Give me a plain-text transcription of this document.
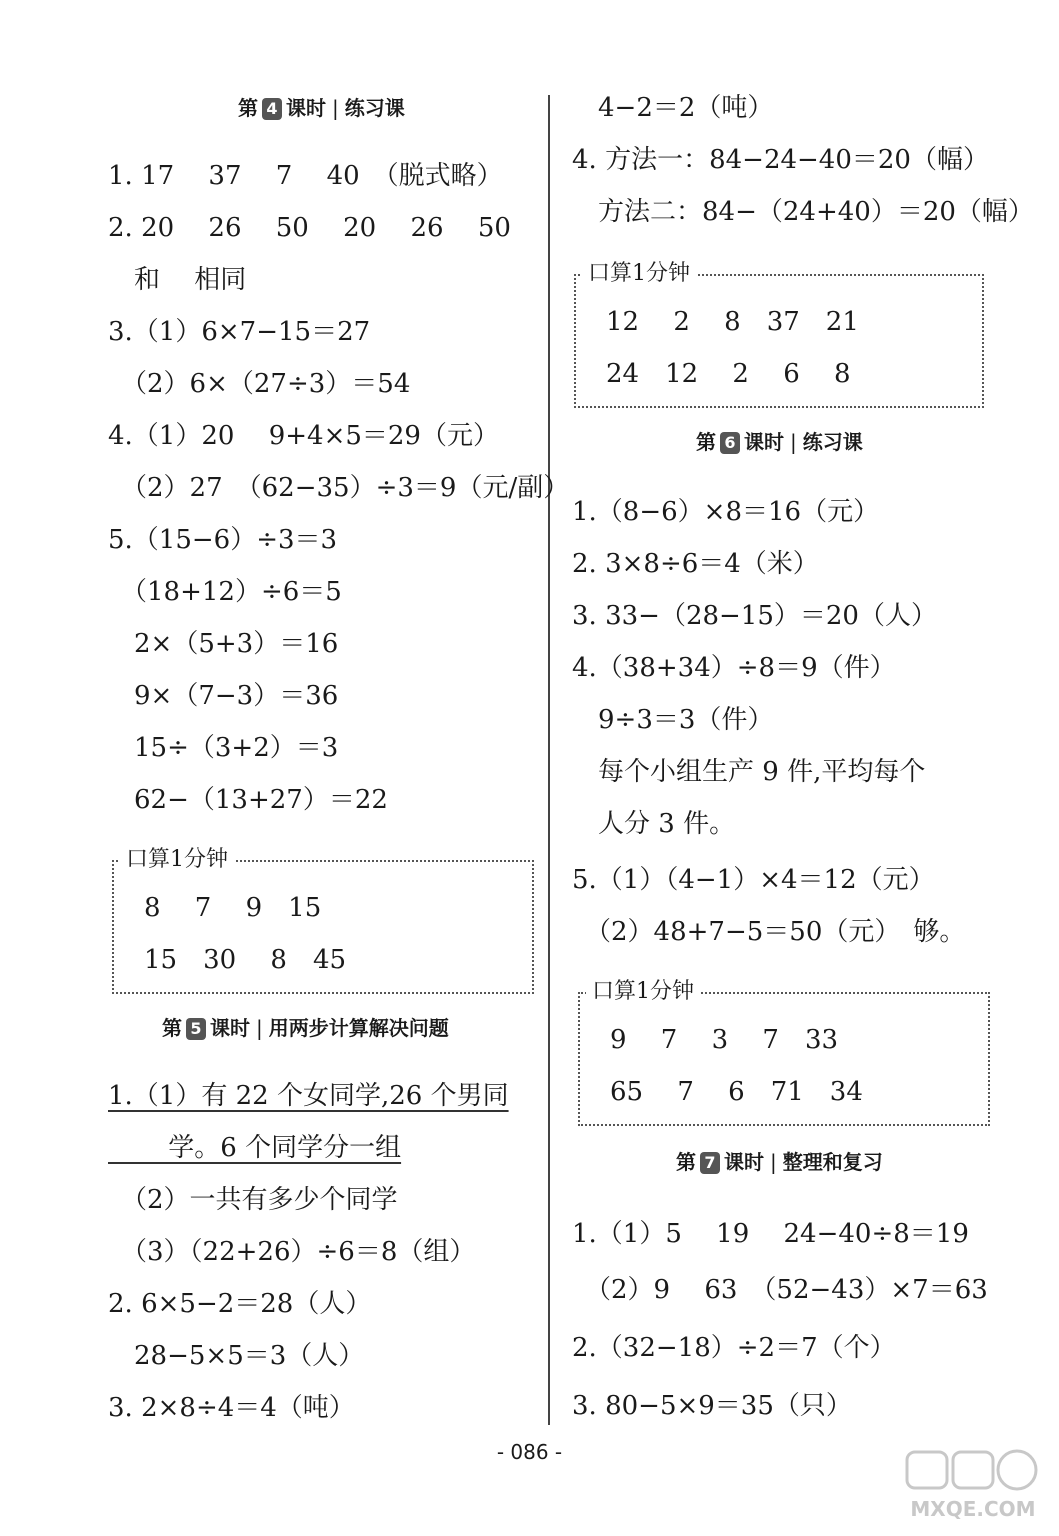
第 4 课时 | 练习课
1. 17　 37　 7　 40　（脱式略）
2. 20　 26　 50　 20　 26　 50
　和　 相同
3.（1）6×7−15＝27
　（2）6×（27÷3）＝54
4.（1）20　 9+4×5＝29（元）
　（2）27　（62−35）÷3＝9（元/副）
5.（15−6）÷3＝3
　（18+12）÷6＝5
　2×（5+3）＝16
　9×（7−3）＝36
　15÷（3+2）＝3
　62−（13+27）＝22
口算1分钟
8　 7　 9　15
15　30　 8　45
第 5 课时 | 用两步计算解决问题
1.（1）有 22 个女同学,26 个男同
　　 学。6 个同学分一组
　（2）一共有多少个同学
　（3）（22+26）÷6＝8（组）
2. 6×5−2＝28（人）
　28−5×5＝3（人）
3. 2×8÷4＝4（吨）
　4−2＝2（吨）
4. 方法一：84−24−40＝20（幅）
　方法二：84−（24+40）＝20（幅）
口算1分钟
12　 2　 8　37　21
24　12　 2　 6　 8
第 6 课时 | 练习课
1.（8−6）×8＝16（元）
2. 3×8÷6＝4（米）
3. 33−（28−15）＝20（人）
4.（38+34）÷8＝9（件）
　9÷3＝3（件）
　每个小组生产 9 件,平均每个
　人分 3 件。
5.（1）（4−1）×4＝12（元）
　（2）48+7−5＝50（元）　够。
口算1分钟
9　 7　 3　 7　33
65　 7　 6　71　34
第 7 课时 | 整理和复习
1.（1）5　 19　 24−40÷8＝19
　（2）9　 63　（52−43）×7＝63
2.（32−18）÷2＝7（个）
3. 80−5×9＝35（只）
- 086 -
MXQE.COM
